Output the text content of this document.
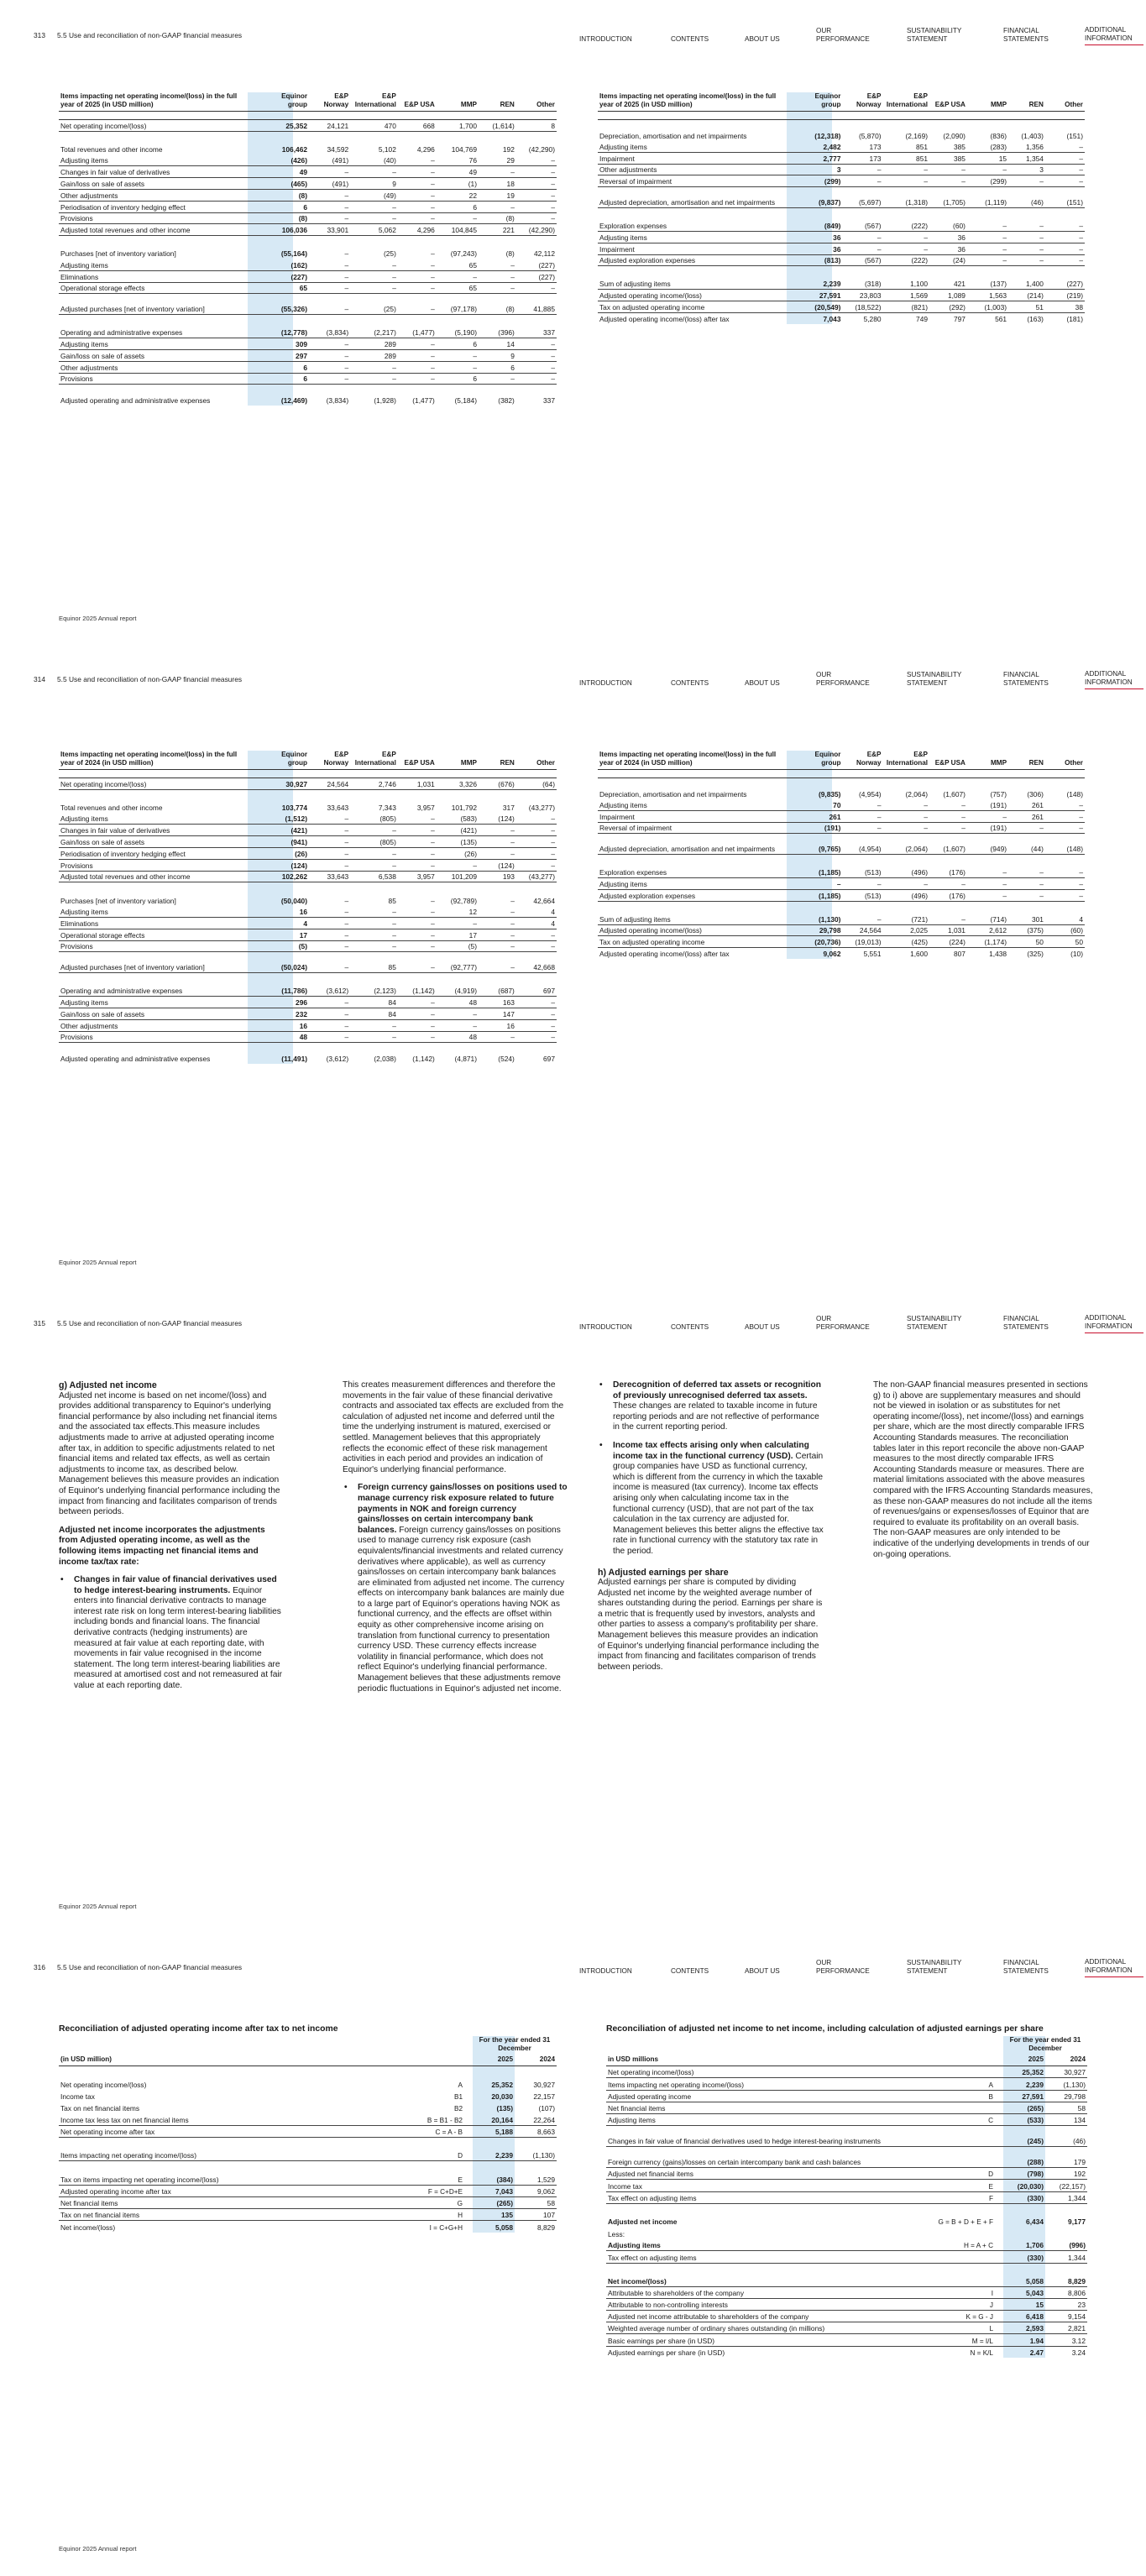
313 5.5 Use and reconciliation of non-GAAP financial measures	INTRODUCTION	CONTENTS	ABOUT US
OUR PERFORMANCE
SUSTAINABILITY STATEMENT
FINANCIAL STATEMENTS
ADDITIONAL INFORMATION
Items impacting net operating income/(loss) in the full year of 2025 (in USD million)	Equinor group	E&P Norway	E&P International	E&P USA	MMP	REN	Other

Net operating income/(loss)	25,352	24,121	470	668	1,700	(1,614)	8

Total revenues and other income	106,462	34,592	5,102	4,296	104,769	192	(42,290)
Adjusting items	(426)	(491)	(40)	–	76	29	–
Changes in fair value of derivatives	49	–	–	–	49	–	–
Gain/loss on sale of assets	(465)	(491)	9	–	(1)	18	–
Other adjustments	(8)	–	(49)	–	22	19	–
Periodisation of inventory hedging effect	6	–	–	–	6	–	–
Provisions	(8)	–	–	–	–	(8)	–
Adjusted total revenues and other income	106,036	33,901	5,062	4,296	104,845	221	(42,290)

Purchases [net of inventory variation]	(55,164)	–	(25)	–	(97,243)	(8)	42,112
Adjusting items	(162)	–	–	–	65	–	(227)
Eliminations	(227)	–	–	–	–	–	(227)
Operational storage effects	65	–	–	–	65	–	–
Adjusted purchases [net of inventory variation]	(55,326)	–	(25)	–	(97,178)	(8)	41,885

Operating and administrative expenses	(12,778)	(3,834)	(2,217)	(1,477)	(5,190)	(396)	337
Adjusting items	309	–	289	–	6	14	–
Gain/loss on sale of assets	297	–	289	–	–	9	–
Other adjustments	6	–	–	–	–	6	–
Provisions	6	–	–	–	6	–	–
Adjusted operating and administrative expenses	(12,469)	(3,834)	(1,928)	(1,477)	(5,184)	(382)	337
Items impacting net operating income/(loss) in the full year of 2025 (in USD million)	Equinor group	E&P Norway	E&P International	E&P USA	MMP	REN	Other

Depreciation, amortisation and net impairments	(12,318)	(5,870)	(2,169)	(2,090)	(836)	(1,403)	(151)
Adjusting items	2,482	173	851	385	(283)	1,356	–
Impairment	2,777	173	851	385	15	1,354	–
Other adjustments	3	–	–	–	–	3	–
Reversal of impairment	(299)	–	–	–	(299)	–	–
Adjusted depreciation, amortisation and net impairments	(9,837)	(5,697)	(1,318)	(1,705)	(1,119)	(46)	(151)

Exploration expenses	(849)	(567)	(222)	(60)	–	–	–
Adjusting items	36	–	–	36	–	–	–
Impairment	36	–	–	36	–	–	–
Adjusted exploration expenses	(813)	(567)	(222)	(24)	–	–	–

Sum of adjusting items	2,239	(318)	1,100	421	(137)	1,400	(227)
Adjusted operating income/(loss)	27,591	23,803	1,569	1,089	1,563	(214)	(219)
Tax on adjusted operating income	(20,549)	(18,522)	(821)	(292)	(1,003)	51	38
Adjusted operating income/(loss) after tax	7,043	5,280	749	797	561	(163)	(181)
Equinor 2025 Annual report
314 5.5 Use and reconciliation of non-GAAP financial measures	INTRODUCTION	CONTENTS	ABOUT US
OUR PERFORMANCE
SUSTAINABILITY STATEMENT
FINANCIAL STATEMENTS
ADDITIONAL INFORMATION
Items impacting net operating income/(loss) in the full year of 2024 (in USD million)	Equinor group	E&P Norway	E&P International	E&P USA	MMP	REN	Other

Net operating income/(loss)	30,927	24,564	2,746	1,031	3,326	(676)	(64)

Total revenues and other income	103,774	33,643	7,343	3,957	101,792	317	(43,277)
Adjusting items	(1,512)	–	(805)	–	(583)	(124)	–
Changes in fair value of derivatives	(421)	–	–	–	(421)	–	–
Gain/loss on sale of assets	(941)	–	(805)	–	(135)	–	–
Periodisation of inventory hedging effect	(26)	–	–	–	(26)	–	–
Provisions	(124)	–	–	–	–	(124)	–
Adjusted total revenues and other income	102,262	33,643	6,538	3,957	101,209	193	(43,277)

Purchases [net of inventory variation]	(50,040)	–	85	–	(92,789)	–	42,664
Adjusting items	16	–	–	–	12	–	4
Eliminations	4	–	–	–	–	–	4
Operational storage effects	17	–	–	–	17	–	–
Provisions	(5)	–	–	–	(5)	–	–
Adjusted purchases [net of inventory variation]	(50,024)	–	85	–	(92,777)	–	42,668

Operating and administrative expenses	(11,786)	(3,612)	(2,123)	(1,142)	(4,919)	(687)	697
Adjusting items	296	–	84	–	48	163	–
Gain/loss on sale of assets	232	–	84	–	–	147	–
Other adjustments	16	–	–	–	–	16	–
Provisions	48	–	–	–	48	–	–
Adjusted operating and administrative expenses	(11,491)	(3,612)	(2,038)	(1,142)	(4,871)	(524)	697
Items impacting net operating income/(loss) in the full year of 2024 (in USD million)	Equinor group	E&P Norway	E&P International	E&P USA	MMP	REN	Other

Depreciation, amortisation and net impairments	(9,835)	(4,954)	(2,064)	(1,607)	(757)	(306)	(148)
Adjusting items	70	–	–	–	(191)	261	–
Impairment	261	–	–	–	–	261	–
Reversal of impairment	(191)	–	–	–	(191)	–	–
Adjusted depreciation, amortisation and net impairments	(9,765)	(4,954)	(2,064)	(1,607)	(949)	(44)	(148)

Exploration expenses	(1,185)	(513)	(496)	(176)	–	–	–
Adjusting items	–	–	–	–	–	–	–
Adjusted exploration expenses	(1,185)	(513)	(496)	(176)	–	–	–

Sum of adjusting items	(1,130)	–	(721)	–	(714)	301	4
Adjusted operating income/(loss)	29,798	24,564	2,025	1,031	2,612	(375)	(60)
Tax on adjusted operating income	(20,736)	(19,013)	(425)	(224)	(1,174)	50	50
Adjusted operating income/(loss) after tax	9,062	5,551	1,600	807	1,438	(325)	(10)
Equinor 2025 Annual report
315 5.5 Use and reconciliation of non-GAAP financial measures	INTRODUCTION	CONTENTS	ABOUT US
OUR PERFORMANCE
SUSTAINABILITY STATEMENT
FINANCIAL STATEMENTS
ADDITIONAL INFORMATION
g) Adjusted net income

Adjusted net income is based on net income/(loss) and provides additional transparency to Equinor's underlying financial performance by also including net financial items and the associated tax effects.This measure includes adjustments made to arrive at adjusted operating income after tax, in addition to specific adjustments related to net financial items and related tax effects, as well as certain adjustments to income tax, as described below. Management believes this measure provides an indication of Equinor's underlying financial performance including the impact from financing and facilitates comparison of trends between periods.

Adjusted net income incorporates the adjustments from Adjusted operating income, as well as the following items impacting net financial items and income tax/tax rate:

• Changes in fair value of financial derivatives used to hedge interest-bearing instruments. Equinor enters into financial derivative contracts to manage interest rate risk on long term interest-bearing liabilities including bonds and financial loans. The financial derivative contracts (hedging instruments) are measured at fair value at each reporting date, with movements in fair value recognised in the income statement. The long term interest-bearing liabilities are measured at amortised cost and not remeasured at fair value at each reporting date.

This creates measurement differences and therefore the movements in the fair value of these financial derivative contracts and associated tax effects are excluded from the calculation of adjusted net income and deferred until the time the underlying instrument is matured, exercised or settled. Management believes that this appropriately reflects the economic effect of these risk management activities in each period and provides an indication of Equinor's underlying financial performance.

• Foreign currency gains/losses on positions used to manage currency risk exposure related to future payments in NOK and foreign currency gains/losses on certain intercompany bank balances. Foreign currency gains/losses on positions used to manage currency risk exposure (cash equivalents/financial investments and related currency derivatives where applicable), as well as currency gains/losses on certain intercompany bank balances are eliminated from adjusted net income. The currency effects on intercompany bank balances are mainly due to a large part of Equinor's operations having NOK as functional currency, and the effects are offset within equity as other comprehensive income arising on translation from functional currency to presentation currency USD. These currency effects increase volatility in financial performance, which does not reflect Equinor's underlying financial performance. Management believes that these adjustments remove periodic fluctuations in Equinor's adjusted net income.
• Derecognition of deferred tax assets or recognition of previously unrecognised deferred tax assets. These changes are related to taxable income in future reporting periods and are not reflective of performance in the current reporting period.
• Income tax effects arising only when calculating income tax in the functional currency (USD). Certain group companies have USD as functional currency, which is different from the currency in which the taxable income is measured (tax currency). Income tax effects arising only when calculating income tax in the functional currency (USD), that are not part of the tax calculation in the tax currency are adjusted for. Management believes this better aligns the effective tax rate in functional currency with the statutory tax rate in the period.
h) Adjusted earnings per share

Adjusted earnings per share is computed by dividing Adjusted net income by the weighted average number of shares outstanding during the period. Earnings per share is a metric that is frequently used by investors, analysts and other parties to assess a company's profitability per share. Management believes this measure provides an indication of Equinor's underlying financial performance including the impact from financing and facilitates comparison of trends between periods.

The non-GAAP financial measures presented in sections g) to i) above are supplementary measures and should not be viewed in isolation or as substitutes for net operating income/(loss), net income/(loss) and earnings per share, which are the most directly comparable IFRS Accounting Standards measures. The reconciliation tables later in this report reconcile the above non-GAAP measures to the most directly comparable IFRS Accounting Standards measure or measures. There are material limitations associated with the above measures compared with the IFRS Accounting Standards measures, as these non-GAAP measures do not include all the items of revenues/gains or expenses/losses of Equinor that are required to evaluate its profitability on an overall basis. The non-GAAP measures are only intended to be indicative of the underlying developments in trends of our on-going operations.

Equinor 2025 Annual report
316 5.5 Use and reconciliation of non-GAAP financial measures	INTRODUCTION	CONTENTS	ABOUT US
OUR PERFORMANCE
SUSTAINABILITY STATEMENT
FINANCIAL STATEMENTS
ADDITIONAL INFORMATION
Reconciliation of adjusted operating income after tax to net income
		For the year ended 31 December	
(in USD million)		2025	2024

Net operating income/(loss)	A	25,352	30,927
Income tax	B1	20,030	22,157
Tax on net financial items	B2	(135)	(107)
Income tax less tax on net financial items	B = B1 - B2	20,164	22,264
Net operating income after tax	C = A - B	5,188	8,663

Items impacting net operating income/(loss)	D	2,239	(1,130)

Tax on items impacting net operating income/(loss)	E	(384)	1,529
Adjusted operating income after tax	F = C+D+E	7,043	9,062
Net financial items	G	(265)	58
Tax on net financial items	H	135	107
Net income/(loss)	I = C+G+H	5,058	8,829
Reconciliation of adjusted net income to net income, including calculation of adjusted earnings per share
		For the year ended 31 December	
in USD millions		2025	2024
Net operating income/(loss)		25,352	30,927
Items impacting net operating income/(loss)	A	2,239	(1,130)
Adjusted operating income	B	27,591	29,798
Net financial items		(265)	58
Adjusting items	C	(533)	134
Changes in fair value of financial derivatives used to hedge interest-bearing instruments		(245)	(46)
Foreign currency (gains)/losses on certain intercompany bank and cash balances		(288)	179
Adjusted net financial items	D	(798)	192
Income tax	E	(20,030)	(22,157)
Tax effect on adjusting items	F	(330)	1,344

Adjusted net income	G = B + D + E + F	6,434	9,177
Less:			
Adjusting items	H = A + C	1,706	(996)
Tax effect on adjusting items		(330)	1,344

Net income/(loss)		5,058	8,829
Attributable to shareholders of the company	I	5,043	8,806
Attributable to non-controlling interests	J	15	23
Adjusted net income attributable to shareholders of the company	K = G - J	6,418	9,154
Weighted average number of ordinary shares outstanding (in millions)	L	2,593	2,821
Basic earnings per share (in USD)	M = I/L	1.94	3.12
Adjusted earnings per share (in USD)	N = K/L	2.47	3.24
Equinor 2025 Annual report
